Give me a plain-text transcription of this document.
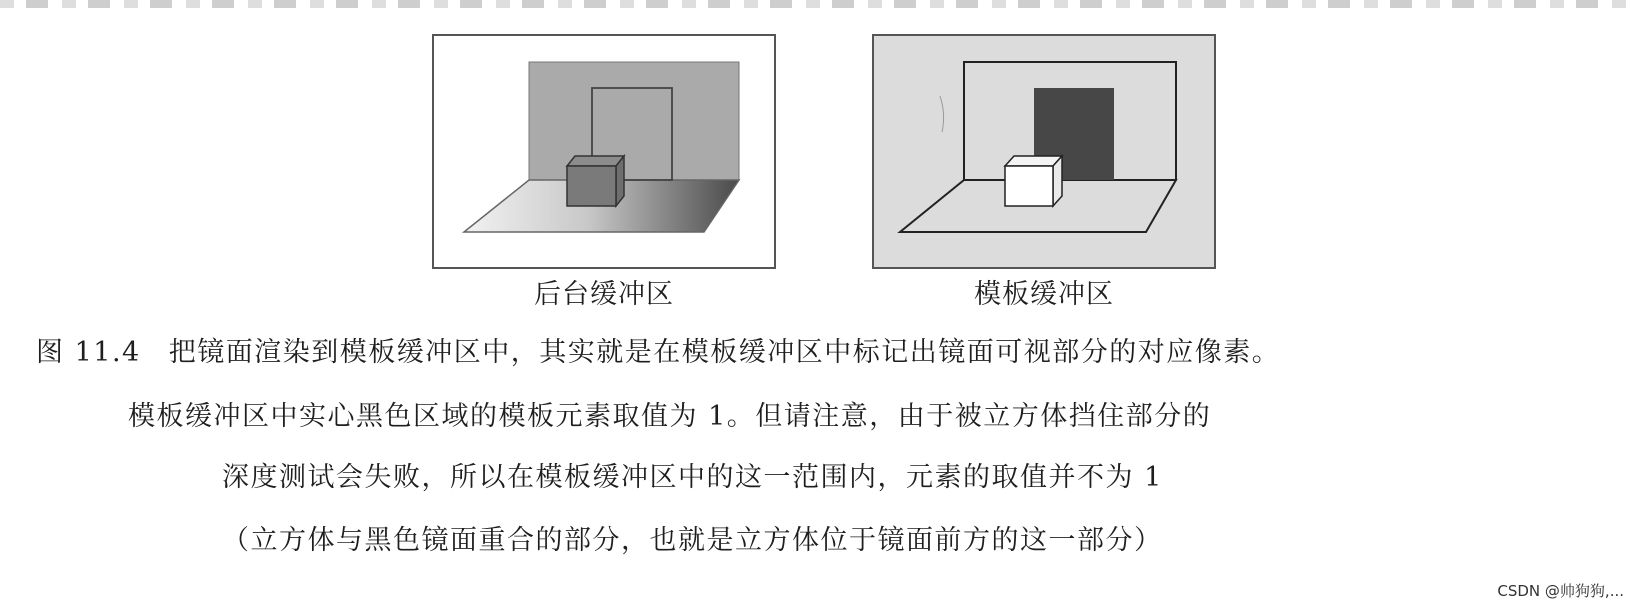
后台缓冲区	模板缓冲区
图 11.4 把镜面渲染到模板缓冲区中，其实就是在模板缓冲区中标记出镜面可视部分的对应像素。
模板缓冲区中实心黑色区域的模板元素取值为 1。但请注意，由于被立方体挡住部分的
深度测试会失败，所以在模板缓冲区中的这一范围内，元素的取值并不为 1
（立方体与黑色镜面重合的部分，也就是立方体位于镜面前方的这一部分）
CSDN @帅狗狗,...
